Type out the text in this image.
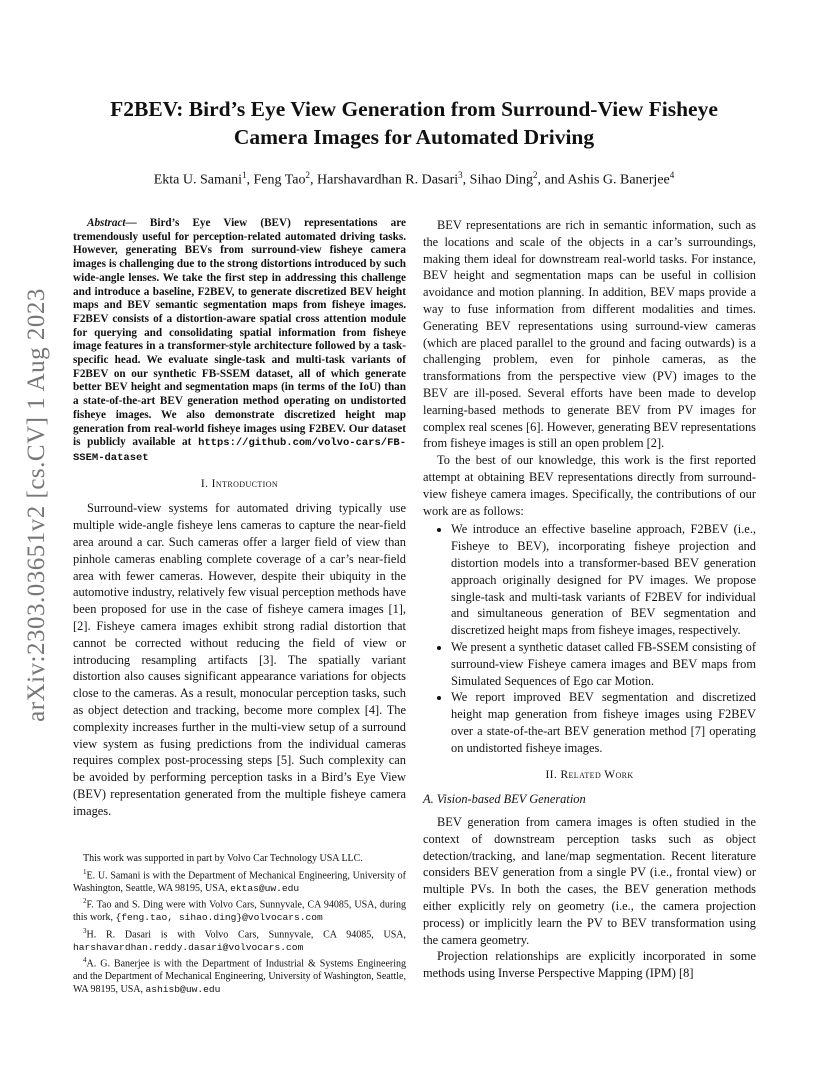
arXiv:2303.03651v2 [cs.CV] 1 Aug 2023
F2BEV: Bird’s Eye View Generation from Surround-View Fisheye
Camera Images for Automated Driving
Ekta U. Samani$^1$, Feng Tao$^2$, Harshavardhan R. Dasari$^3$, Sihao Ding$^2$, and Ashis G. Banerjee$^4$

Abstract— Bird’s Eye View (BEV) representations are tremendously useful for perception-related automated driving tasks. However, generating BEVs from surround-view fisheye camera images is challenging due to the strong distortions introduced by such wide-angle lenses. We take the first step in addressing this challenge and introduce a baseline, F2BEV, to generate discretized BEV height maps and BEV semantic segmentation maps from fisheye images. F2BEV consists of a distortion-aware spatial cross attention module for querying and consolidating spatial information from fisheye image features in a transformer-style architecture followed by a task-specific head. We evaluate single-task and multi-task variants of F2BEV on our synthetic FB-SSEM dataset, all of which generate better BEV height and segmentation maps (in terms of the IoU) than a state-of-the-art BEV generation method operating on undistorted fisheye images. We also demonstrate discretized height map generation from real-world fisheye images using F2BEV. Our dataset is publicly available at https://github.com/volvo-cars/FB-SSEM-dataset

I. Introduction

Surround-view systems for automated driving typically use multiple wide-angle fisheye lens cameras to capture the near-field area around a car. Such cameras offer a larger field of view than pinhole cameras enabling complete coverage of a car’s near-field area with fewer cameras. However, despite their ubiquity in the automotive industry, relatively few visual perception methods have been proposed for use in the case of fisheye camera images [1], [2]. Fisheye camera images exhibit strong radial distortion that cannot be corrected without reducing the field of view or introducing resampling artifacts [3]. The spatially variant distortion also causes significant appearance variations for objects close to the cameras. As a result, monocular perception tasks, such as object detection and tracking, become more complex [4]. The complexity increases further in the multi-view setup of a surround view system as fusing predictions from the individual cameras requires complex post-processing steps [5]. Such complexity can be avoided by performing perception tasks in a Bird’s Eye View (BEV) representation generated from the multiple fisheye camera images.

This work was supported in part by Volvo Car Technology USA LLC.

$^1$E. U. Samani is with the Department of Mechanical Engineering, University of Washington, Seattle, WA 98195, USA, ektas@uw.edu

$^2$F. Tao and S. Ding were with Volvo Cars, Sunnyvale, CA 94085, USA, during this work, {feng.tao, sihao.ding}@volvocars.com

$^3$H. R. Dasari is with Volvo Cars, Sunnyvale, CA 94085, USA, harshavardhan.reddy.dasari@volvocars.com

$^4$A. G. Banerjee is with the Department of Industrial & Systems Engineering and the Department of Mechanical Engineering, University of Washington, Seattle, WA 98195, USA, ashisb@uw.edu

BEV representations are rich in semantic information, such as the locations and scale of the objects in a car’s surroundings, making them ideal for downstream real-world tasks. For instance, BEV height and segmentation maps can be useful in collision avoidance and motion planning. In addition, BEV maps provide a way to fuse information from different modalities and times. Generating BEV representations using surround-view cameras (which are placed parallel to the ground and facing outwards) is a challenging problem, even for pinhole cameras, as the transformations from the perspective view (PV) images to the BEV are ill-posed. Several efforts have been made to develop learning-based methods to generate BEV from PV images for complex real scenes [6]. However, generating BEV representations from fisheye images is still an open problem [2].

To the best of our knowledge, this work is the first reported attempt at obtaining BEV representations directly from surround-view fisheye camera images. Specifically, the contributions of our work are as follows:

• We introduce an effective baseline approach, F2BEV (i.e., Fisheye to BEV), incorporating fisheye projection and distortion models into a transformer-based BEV generation approach originally designed for PV images. We propose single-task and multi-task variants of F2BEV for individual and simultaneous generation of BEV segmentation and discretized height maps from fisheye images, respectively.
• We present a synthetic dataset called FB-SSEM consisting of surround-view Fisheye camera images and BEV maps from Simulated Sequences of Ego car Motion.
• We report improved BEV segmentation and discretized height map generation from fisheye images using F2BEV over a state-of-the-art BEV generation method [7] operating on undistorted fisheye images.
II. Related Work
A. Vision-based BEV Generation

BEV generation from camera images is often studied in the context of downstream perception tasks such as object detection/tracking, and lane/map segmentation. Recent literature considers BEV generation from a single PV (i.e., frontal view) or multiple PVs. In both the cases, the BEV generation methods either explicitly rely on geometry (i.e., the camera projection process) or implicitly learn the PV to BEV transformation using the camera geometry.

Projection relationships are explicitly incorporated in some methods using Inverse Perspective Mapping (IPM) [8]
